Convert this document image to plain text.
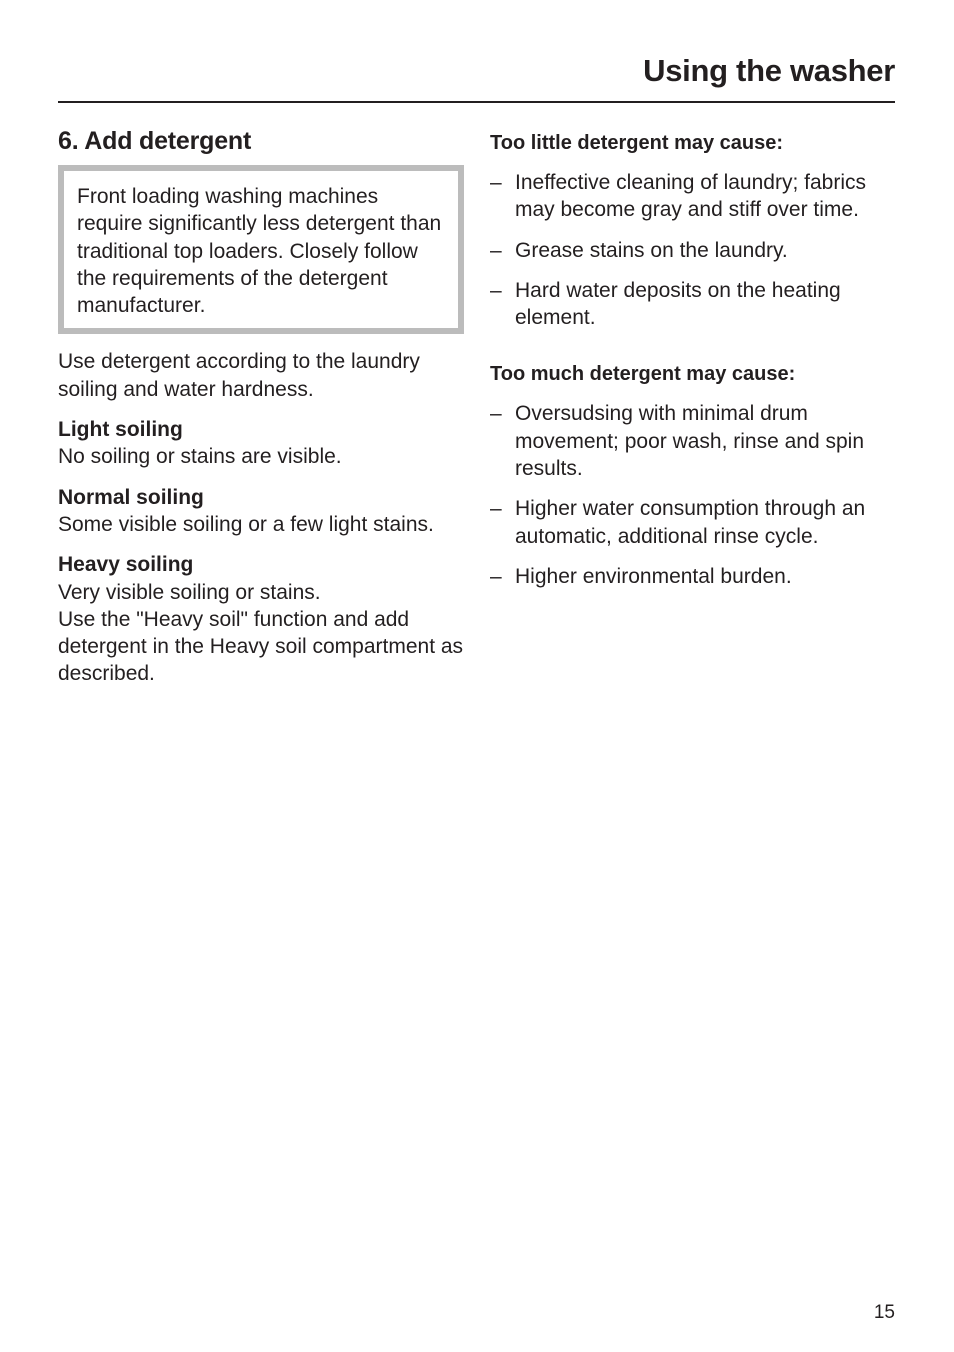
Using the washer
6. Add detergent
Front loading washing machines require significantly less detergent than traditional top loaders. Closely follow the requirements of the detergent manufacturer.

Use detergent according to the laundry soiling and water hardness.

Light soiling

No soiling or stains are visible.

Normal soiling

Some visible soiling or a few light stains.

Heavy soiling

Very visible soiling or stains.

Use the "Heavy soil" function and add detergent in the Heavy soil compartment as described.

Too little detergent may cause:

– Ineffective cleaning of laundry; fabrics may become gray and stiff over time.
– Grease stains on the laundry.
– Hard water deposits on the heating element.

Too much detergent may cause:

– Oversudsing with minimal drum movement; poor wash, rinse and spin results.
– Higher water consumption through an automatic, additional rinse cycle.
– Higher environmental burden.
15
